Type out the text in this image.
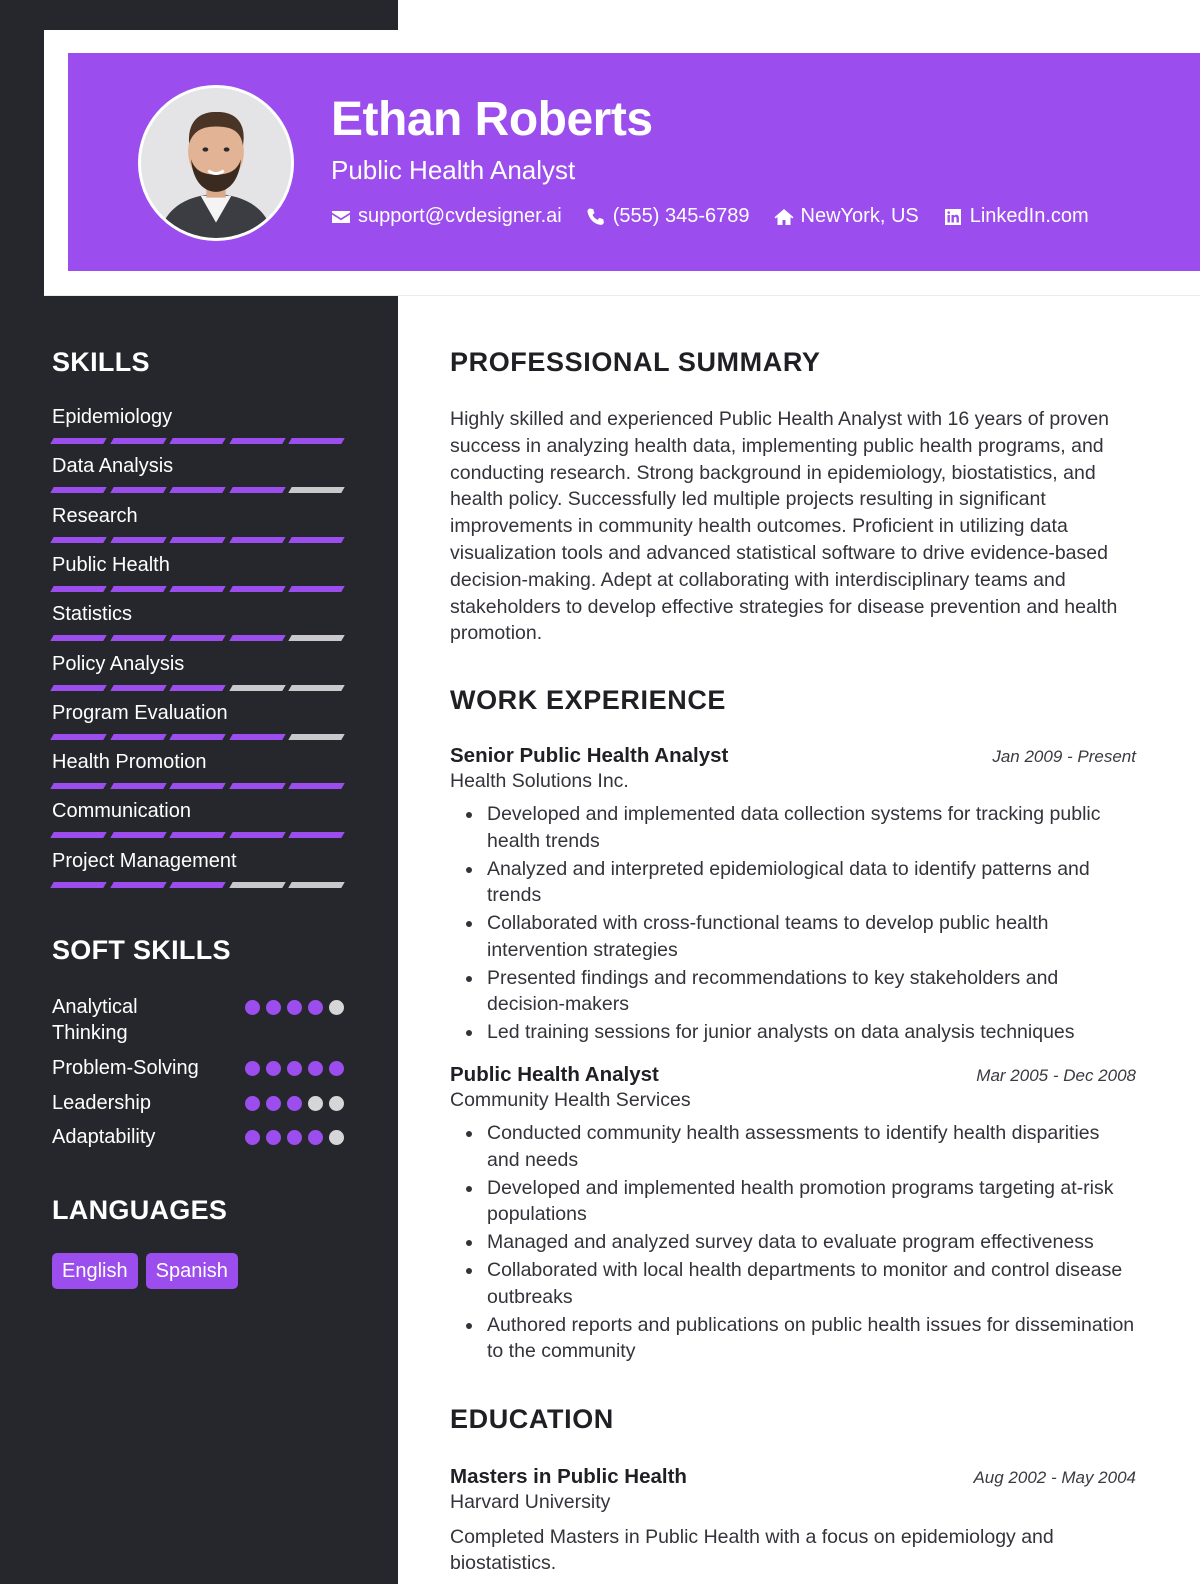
Ethan Roberts
Public Health Analyst
support@cvdesigner.ai	(555) 345-6789	NewYork, US	LinkedIn.com
SKILLS
Epidemiology
Data Analysis
Research
Public Health
Statistics
Policy Analysis
Program Evaluation
Health Promotion
Communication
Project Management
SOFT SKILLS
Analytical Thinking
Problem-Solving
Leadership
Adaptability
LANGUAGES
English	Spanish
PROFESSIONAL SUMMARY
Highly skilled and experienced Public Health Analyst with 16 years of proven success in analyzing health data, implementing public health programs, and conducting research. Strong background in epidemiology, biostatistics, and health policy. Successfully led multiple projects resulting in significant improvements in community health outcomes. Proficient in utilizing data visualization tools and advanced statistical software to drive evidence-based decision-making. Adept at collaborating with interdisciplinary teams and stakeholders to develop effective strategies for disease prevention and health promotion.
WORK EXPERIENCE
Senior Public Health Analyst	Jan 2009 - Present
Health Solutions Inc.
Developed and implemented data collection systems for tracking public health trends
Analyzed and interpreted epidemiological data to identify patterns and trends
Collaborated with cross-functional teams to develop public health intervention strategies
Presented findings and recommendations to key stakeholders and decision-makers
Led training sessions for junior analysts on data analysis techniques
Public Health Analyst	Mar 2005 - Dec 2008
Community Health Services
Conducted community health assessments to identify health disparities and needs
Developed and implemented health promotion programs targeting at-risk populations
Managed and analyzed survey data to evaluate program effectiveness
Collaborated with local health departments to monitor and control disease outbreaks
Authored reports and publications on public health issues for dissemination to the community
EDUCATION
Masters in Public Health	Aug 2002 - May 2004
Harvard University
Completed Masters in Public Health with a focus on epidemiology and biostatistics.
